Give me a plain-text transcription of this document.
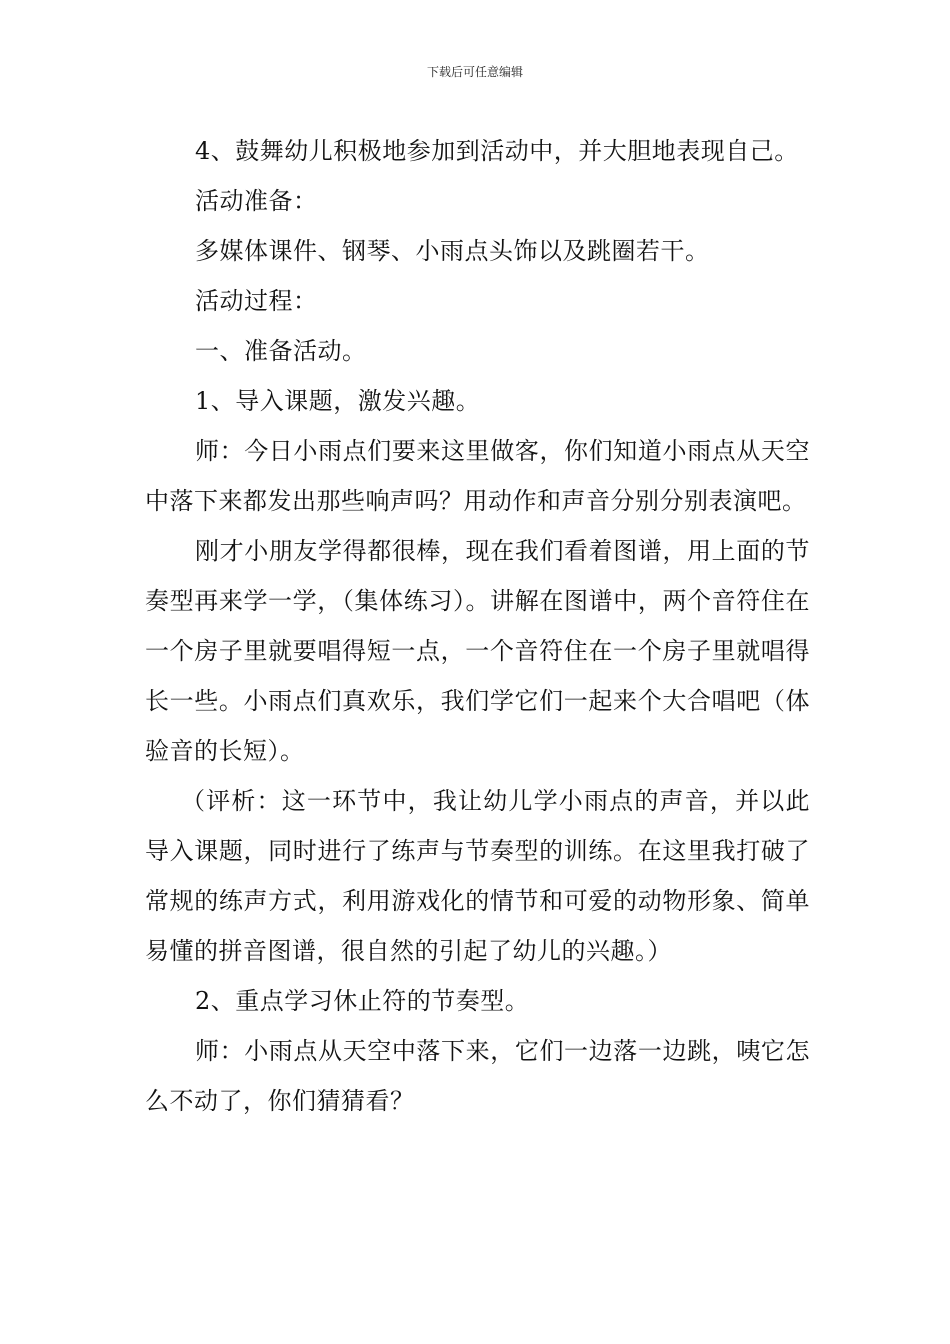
下载后可任意编辑

4、鼓舞幼儿积极地参加到活动中，并大胆地表现自己。

活动准备：

多媒体课件、钢琴、小雨点头饰以及跳圈若干。

活动过程：

一、准备活动。

1、导入课题，激发兴趣。

师：今日小雨点们要来这里做客，你们知道小雨点从天空中落下来都发出那些响声吗？用动作和声音分别分别表演吧。

刚才小朋友学得都很棒，现在我们看着图谱，用上面的节奏型再来学一学，（集体练习）。讲解在图谱中，两个音符住在一个房子里就要唱得短一点，一个音符住在一个房子里就唱得长一些。小雨点们真欢乐，我们学它们一起来个大合唱吧（体验音的长短）。

（评析：这一环节中，我让幼儿学小雨点的声音，并以此导入课题，同时进行了练声与节奏型的训练。在这里我打破了常规的练声方式，利用游戏化的情节和可爱的动物形象、简单易懂的拼音图谱，很自然的引起了幼儿的兴趣。）

2、重点学习休止符的节奏型。

师：小雨点从天空中落下来，它们一边落一边跳，咦它怎么不动了，你们猜猜看？
